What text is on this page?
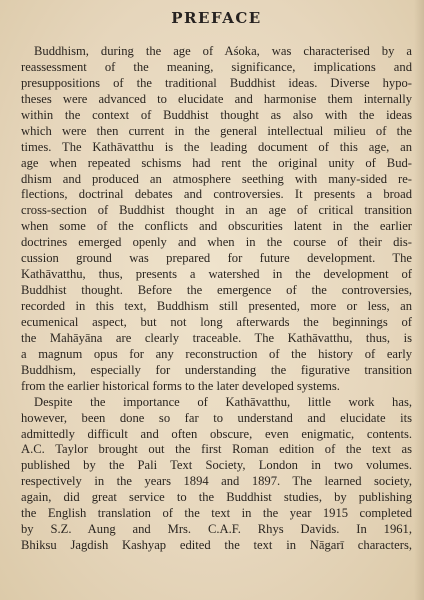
PREFACE
Buddhism, during the age of Aśoka, was characterised by a
reassessment of the meaning, significance, implications and
presuppositions of the traditional Buddhist ideas. Diverse hypo-
theses were advanced to elucidate and harmonise them internally
within the context of Buddhist thought as also with the ideas
which were then current in the general intellectual milieu of the
times. The Kathāvatthu is the leading document of this age, an
age when repeated schisms had rent the original unity of Bud-
dhism and produced an atmosphere seething with many-sided re-
flections, doctrinal debates and controversies. It presents a broad
cross-section of Buddhist thought in an age of critical transition
when some of the conflicts and obscurities latent in the earlier
doctrines emerged openly and when in the course of their dis-
cussion ground was prepared for future development. The
Kathāvatthu, thus, presents a watershed in the development of
Buddhist thought. Before the emergence of the controversies,
recorded in this text, Buddhism still presented, more or less, an
ecumenical aspect, but not long afterwards the beginnings of
the Mahāyāna are clearly traceable. The Kathāvatthu, thus, is
a magnum opus for any reconstruction of the history of early
Buddhism, especially for understanding the figurative transition
from the earlier historical forms to the later developed systems.
Despite the importance of Kathāvatthu, little work has,
however, been done so far to understand and elucidate its
admittedly difficult and often obscure, even enigmatic, contents.
A.C. Taylor brought out the first Roman edition of the text as
published by the Pali Text Society, London in two volumes.
respectively in the years 1894 and 1897. The learned society,
again, did great service to the Buddhist studies, by publishing
the English translation of the text in the year 1915 completed
by S.Z. Aung and Mrs. C.A.F. Rhys Davids. In 1961,
Bhiksu Jagdish Kashyap edited the text in Nāgarī characters,
